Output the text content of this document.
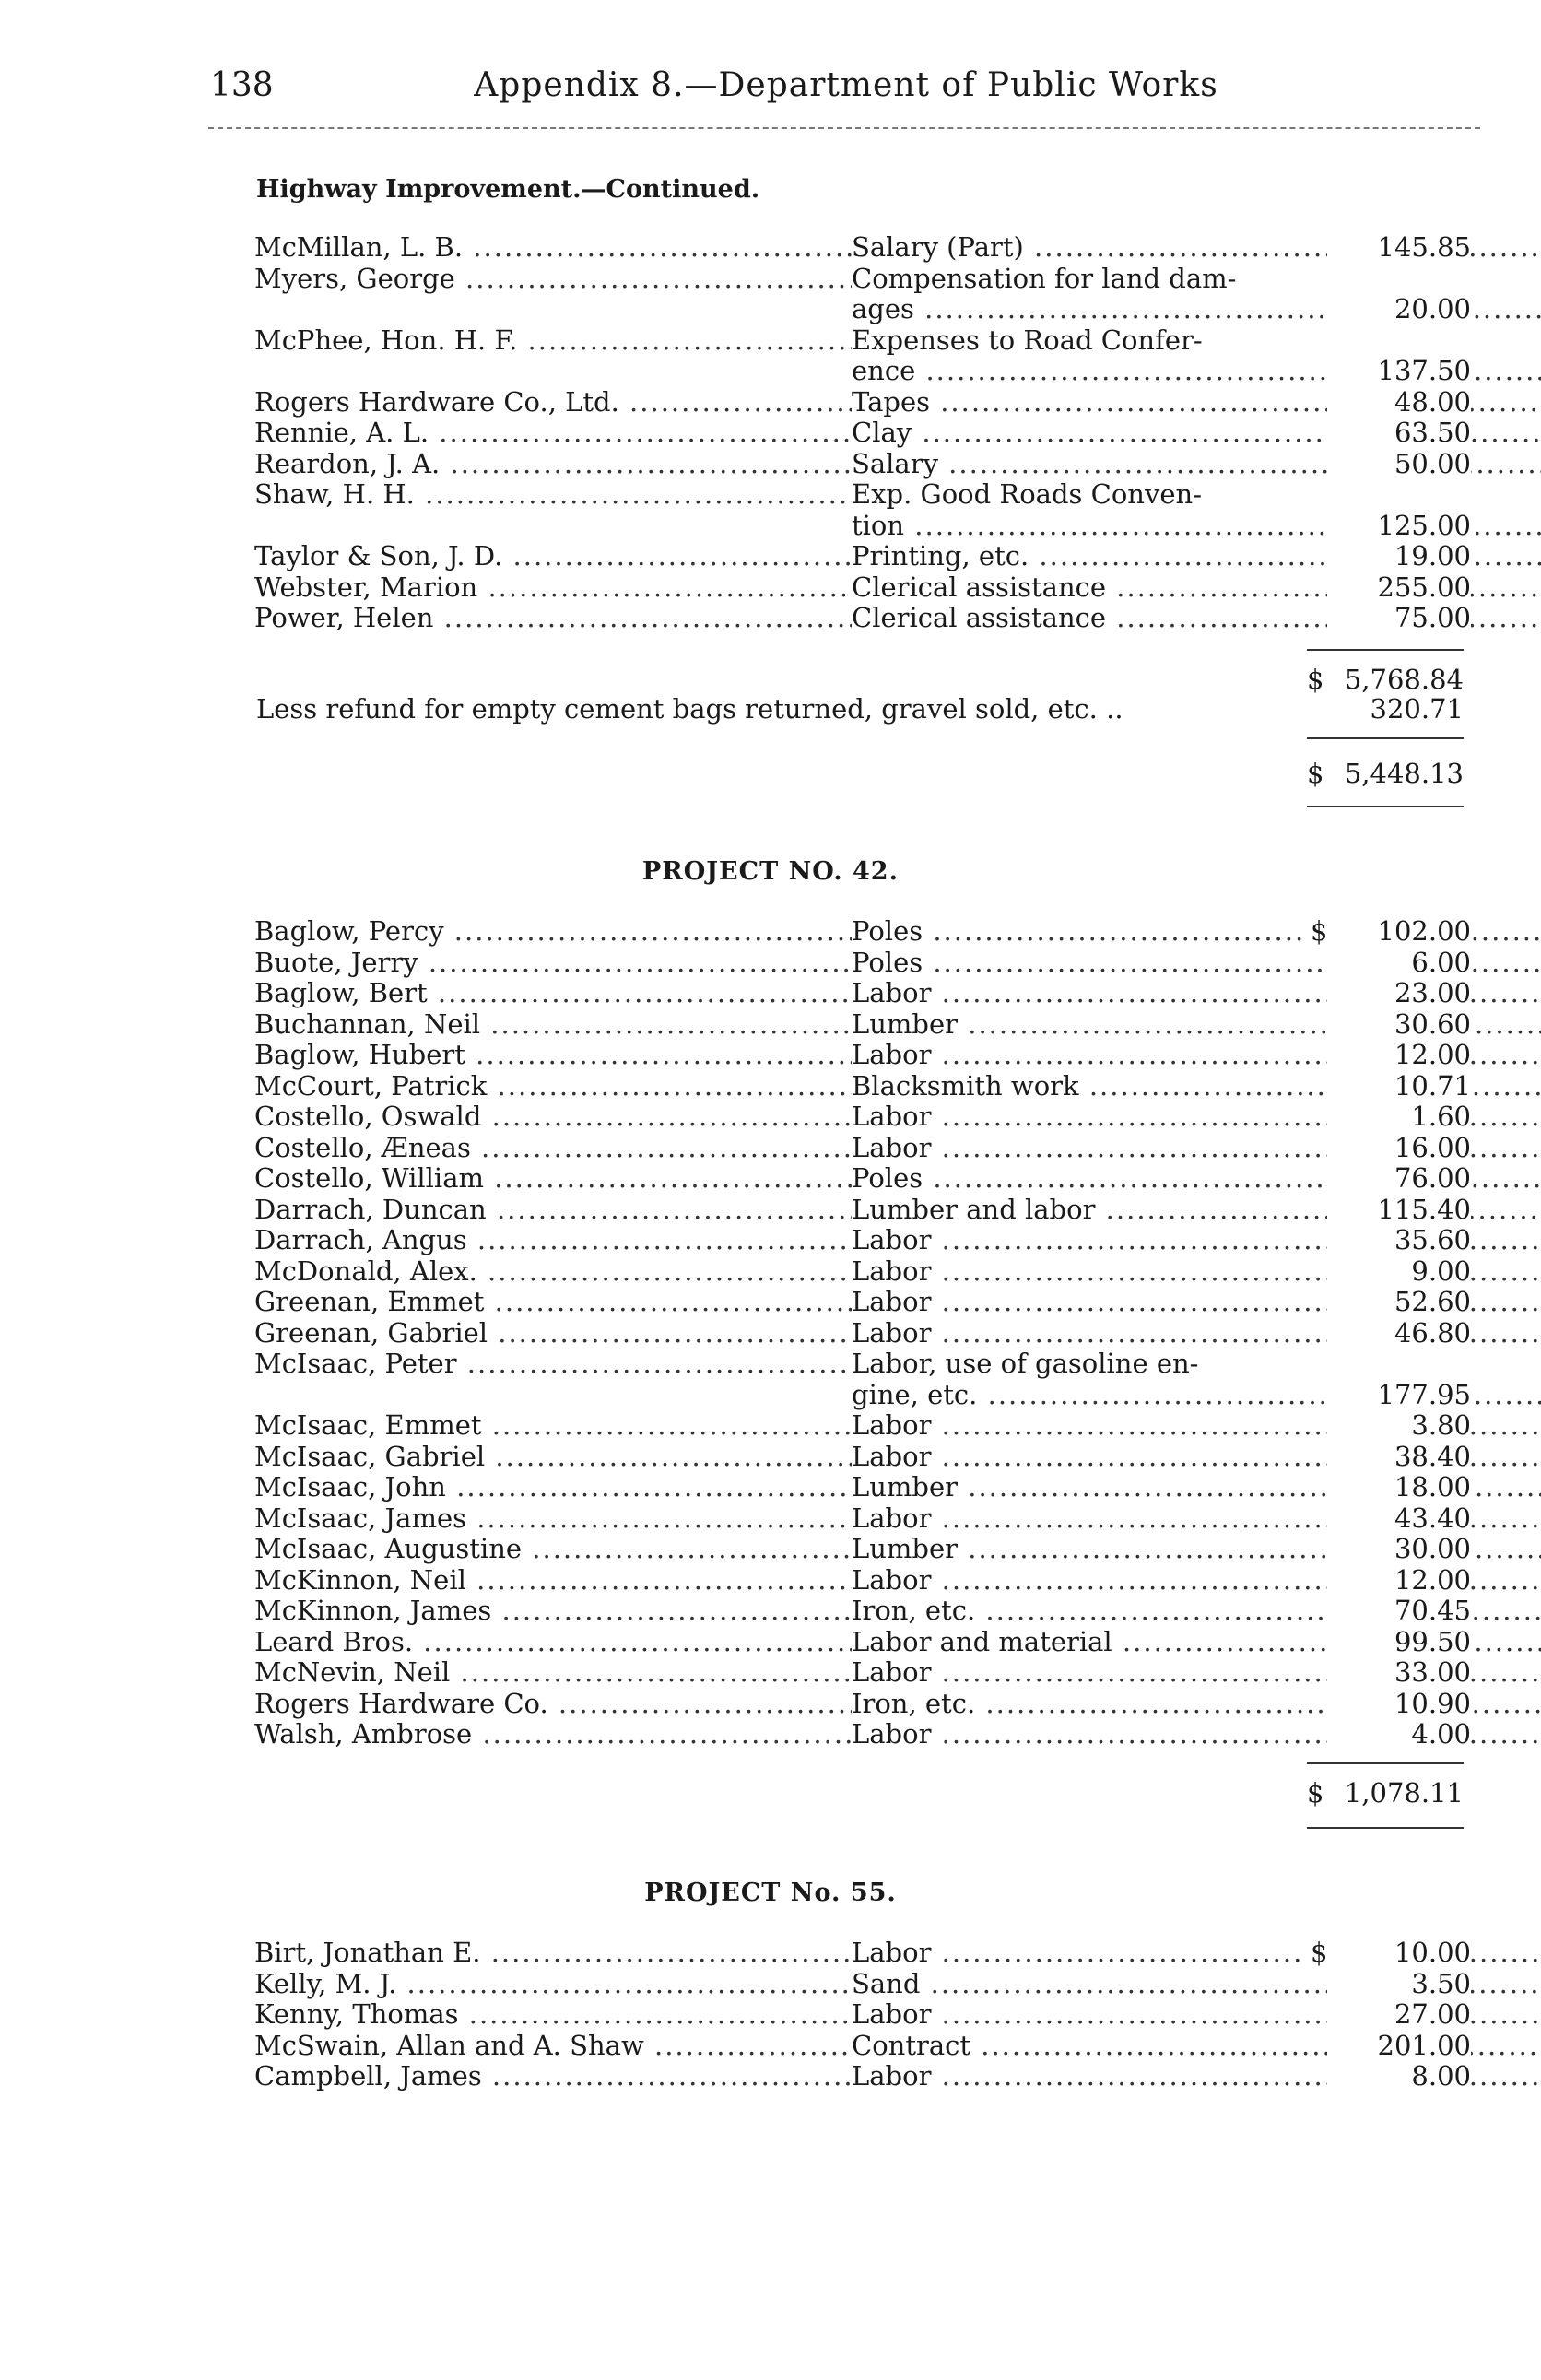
138	Appendix 8.—Department of Public Works
Highway Improvement.—Continued.
McMillan, L. B. .....	Salary (Part) .....	145.85
Myers, George .....	Compensation for land dam-
ages .....	20.00
McPhee, Hon. H. F. .....	Expenses to Road Confer-
ence .....	137.50
Rogers Hardware Co., Ltd. .....	Tapes .....	48.00
Rennie, A. L. .....	Clay .....	63.50
Reardon, J. A. .....	Salary .....	50.00
Shaw, H. H. .....	Exp. Good Roads Conven-
tion .....	125.00
Taylor & Son, J. D. .....	Printing, etc. .....	19.00
Webster, Marion .....	Clerical assistance .....	255.00
Power, Helen .....	Clerical assistance .....	75.00
$ 5,768.84
Less refund for empty cement bags returned, gravel sold, etc. ..	320.71
$ 5,448.13
PROJECT NO. 42.
Baglow, Percy .....	Poles .....	$	102.00
Buote, Jerry .....	Poles .....	6.00
Baglow, Bert .....	Labor .....	23.00
Buchannan, Neil .....	Lumber .....	30.60
Baglow, Hubert .....	Labor .....	12.00
McCourt, Patrick .....	Blacksmith work .....	10.71
Costello, Oswald .....	Labor .....	1.60
Costello, Æneas .....	Labor .....	16.00
Costello, William .....	Poles .....	76.00
Darrach, Duncan .....	Lumber and labor .....	115.40
Darrach, Angus .....	Labor .....	35.60
McDonald, Alex. .....	Labor .....	9.00
Greenan, Emmet .....	Labor .....	52.60
Greenan, Gabriel .....	Labor .....	46.80
McIsaac, Peter .....	Labor, use of gasoline en-
gine, etc. .....	177.95
McIsaac, Emmet .....	Labor .....	3.80
McIsaac, Gabriel .....	Labor .....	38.40
McIsaac, John .....	Lumber .....	18.00
McIsaac, James .....	Labor .....	43.40
McIsaac, Augustine .....	Lumber .....	30.00
McKinnon, Neil .....	Labor .....	12.00
McKinnon, James .....	Iron, etc. .....	70.45
Leard Bros. .....	Labor and material .....	99.50
McNevin, Neil .....	Labor .....	33.00
Rogers Hardware Co. .....	Iron, etc. .....	10.90
Walsh, Ambrose .....	Labor .....	4.00
$ 1,078.11
PROJECT No. 55.
Birt, Jonathan E. .....	Labor .....	$	10.00
Kelly, M. J. .....	Sand .....	3.50
Kenny, Thomas .....	Labor .....	27.00
McSwain, Allan and A. Shaw .....	Contract .....	201.00
Campbell, James .....	Labor .....	8.00
